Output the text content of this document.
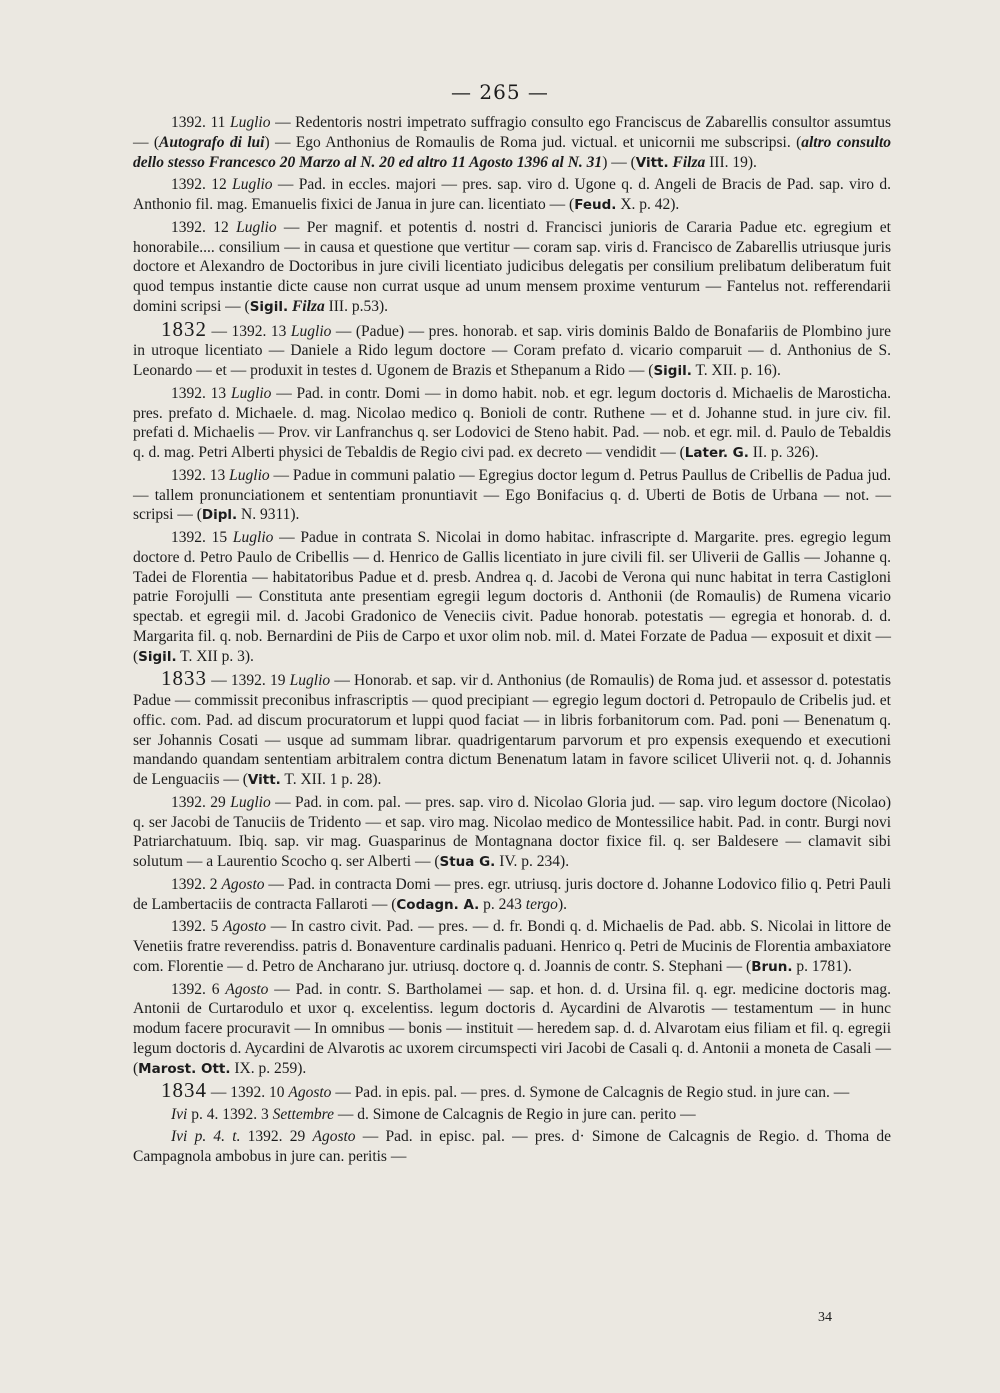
— 265 —

1392. 11 Luglio — Redentoris nostri impetrato suffragio consulto ego Franciscus de Zabarellis consultor assumtus — (Autografo di lui) — Ego Anthonius de Romaulis de Roma jud. victual. et unicornii me subscripsi. (altro consulto dello stesso Francesco 20 Marzo al N. 20 ed altro 11 Agosto 1396 al N. 31) — (Vitt. Filza III. 19).

1392. 12 Luglio — Pad. in eccles. majori — pres. sap. viro d. Ugone q. d. Angeli de Bracis de Pad. sap. viro d. Anthonio fil. mag. Emanuelis fixici de Janua in jure can. licentiato — (Feud. X. p. 42).

1392. 12 Luglio — Per magnif. et potentis d. nostri d. Francisci junioris de Cararia Padue etc. egregium et honorabile.... consilium — in causa et questione que vertitur — coram sap. viris d. Francisco de Zabarellis utriusque juris doctore et Alexandro de Doctoribus in jure civili licentiato judicibus delegatis per consilium prelibatum deliberatum fuit quod tempus instantie dicte cause non currat usque ad unum mensem proxime venturum — Fantelus not. refferendarii domini scripsi — (Sigil. Filza III. p.53).

1832 — 1392. 13 Luglio — (Padue) — pres. honorab. et sap. viris dominis Baldo de Bonafariis de Plombino jure in utroque licentiato — Daniele a Rido legum doctore — Coram prefato d. vicario comparuit — d. Anthonius de S. Leonardo — et — produxit in testes d. Ugonem de Brazis et Sthepanum a Rido — (Sigil. T. XII. p. 16).

1392. 13 Luglio — Pad. in contr. Domi — in domo habit. nob. et egr. legum doctoris d. Michaelis de Marosticha. pres. prefato d. Michaele. d. mag. Nicolao medico q. Bonioli de contr. Ruthene — et d. Johanne stud. in jure civ. fil. prefati d. Michaelis — Prov. vir Lanfranchus q. ser Lodovici de Steno habit. Pad. — nob. et egr. mil. d. Paulo de Tebaldis q. d. mag. Petri Alberti physici de Tebaldis de Regio civi pad. ex decreto — vendidit — (Later. G. II. p. 326).

1392. 13 Luglio — Padue in communi palatio — Egregius doctor legum d. Petrus Paullus de Cribellis de Padua jud. — tallem pronunciationem et sententiam pronuntiavit — Ego Bonifacius q. d. Uberti de Botis de Urbana — not. — scripsi — (Dipl. N. 9311).

1392. 15 Luglio — Padue in contrata S. Nicolai in domo habitac. infrascripte d. Margarite. pres. egregio legum doctore d. Petro Paulo de Cribellis — d. Henrico de Gallis licentiato in jure civili fil. ser Uliverii de Gallis — Johanne q. Tadei de Florentia — habitatoribus Padue et d. presb. Andrea q. d. Jacobi de Verona qui nunc habitat in terra Castigloni patrie Forojulli — Constituta ante presentiam egregii legum doctoris d. Anthonii (de Romaulis) de Rumena vicario spectab. et egregii mil. d. Jacobi Gradonico de Veneciis civit. Padue honorab. potestatis — egregia et honorab. d. d. Margarita fil. q. nob. Bernardini de Piis de Carpo et uxor olim nob. mil. d. Matei Forzate de Padua — exposuit et dixit — (Sigil. T. XII p. 3).

1833 — 1392. 19 Luglio — Honorab. et sap. vir d. Anthonius (de Romaulis) de Roma jud. et assessor d. potestatis Padue — commissit preconibus infrascriptis — quod precipiant — egregio legum doctori d. Petropaulo de Cribelis jud. et offic. com. Pad. ad discum procuratorum et luppi quod faciat — in libris forbanitorum com. Pad. poni — Benenatum q. ser Johannis Cosati — usque ad summam librar. quadrigentarum parvorum et pro expensis exequendo et executioni mandando quandam sententiam arbitralem contra dictum Benenatum latam in favore scilicet Uliverii not. q. d. Johannis de Lenguaciis — (Vitt. T. XII. 1 p. 28).

1392. 29 Luglio — Pad. in com. pal. — pres. sap. viro d. Nicolao Gloria jud. — sap. viro legum doctore (Nicolao) q. ser Jacobi de Tanuciis de Tridento — et sap. viro mag. Nicolao medico de Montessilice habit. Pad. in contr. Burgi novi Patriarchatuum. Ibiq. sap. vir mag. Guasparinus de Montagnana doctor fixice fil. q. ser Baldesere — clamavit sibi solutum — a Laurentio Scocho q. ser Alberti — (Stua G. IV. p. 234).

1392. 2 Agosto — Pad. in contracta Domi — pres. egr. utriusq. juris doctore d. Johanne Lodovico filio q. Petri Pauli de Lambertaciis de contracta Fallaroti — (Codagn. A. p. 243 tergo).

1392. 5 Agosto — In castro civit. Pad. — pres. — d. fr. Bondi q. d. Michaelis de Pad. abb. S. Nicolai in littore de Venetiis fratre reverendiss. patris d. Bonaventure cardinalis paduani. Henrico q. Petri de Mucinis de Florentia ambaxiatore com. Florentie — d. Petro de Ancharano jur. utriusq. doctore q. d. Joannis de contr. S. Stephani — (Brun. p. 1781).

1392. 6 Agosto — Pad. in contr. S. Bartholamei — sap. et hon. d. d. Ursina fil. q. egr. medicine doctoris mag. Antonii de Curtarodulo et uxor q. excelentiss. legum doctoris d. Aycardini de Alvarotis — testamentum — in hunc modum facere procuravit — In omnibus — bonis — instituit — heredem sap. d. d. Alvarotam eius filiam et fil. q. egregii legum doctoris d. Aycardini de Alvarotis ac uxorem circumspecti viri Jacobi de Casali q. d. Antonii a moneta de Casali — (Marost. Ott. IX. p. 259).

1834 — 1392. 10 Agosto — Pad. in epis. pal. — pres. d. Symone de Calcagnis de Regio stud. in jure can. —

Ivi p. 4. 1392. 3 Settembre — d. Simone de Calcagnis de Regio in jure can. perito —

Ivi p. 4. t. 1392. 29 Agosto — Pad. in episc. pal. — pres. d· Simone de Calcagnis de Regio. d. Thoma de Campagnola ambobus in jure can. peritis —

34
